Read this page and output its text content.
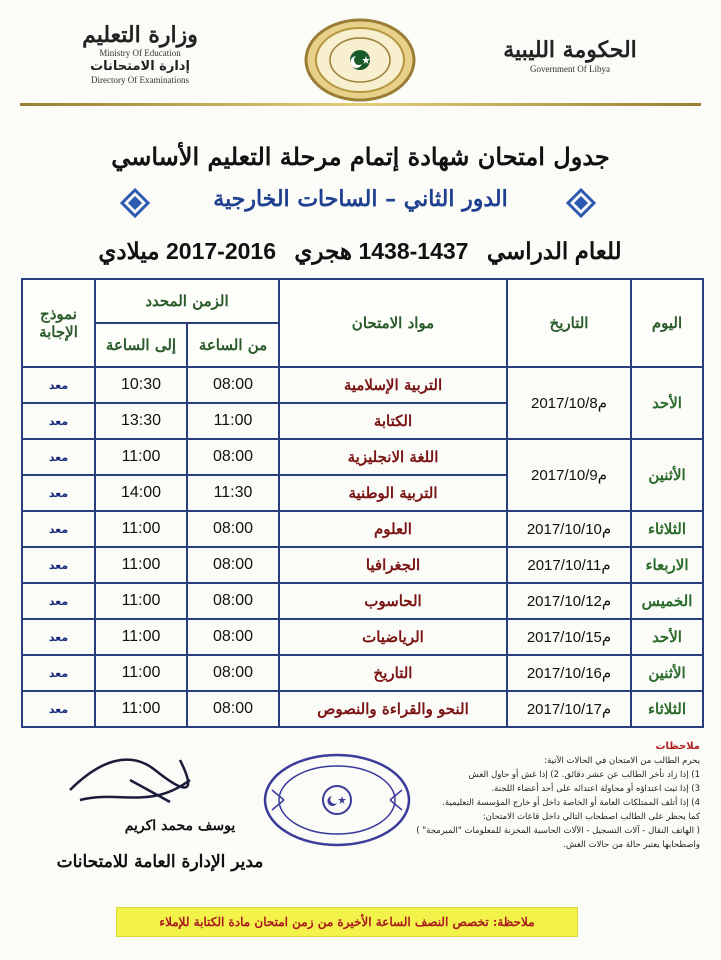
وزارة التعليم
Ministry Of Education
إدارة الامتحانات
Directory Of Examinations
الحكومة الليبية
Government Of Libya
جدول امتحان شهادة إتمام مرحلة التعليم الأساسي
الدور الثاني – الساحات الخارجية
للعام الدراسي 1437-1438 هجري 2016-2017 ميلادي
اليوم	التاريخ	مواد الامتحان	الزمن المحدد		نموذج الإجابة
			من الساعة	إلى الساعة	
الأحد	2017/10/8م	التربية الإسلامية	08:00	10:30	معد
		الكتابة	11:00	13:30	معد
الأثنين	2017/10/9م	اللغة الانجليزية	08:00	11:00	معد
		التربية الوطنية	11:30	14:00	معد
الثلاثاء	2017/10/10م	العلوم	08:00	11:00	معد
الاربعاء	2017/10/11م	الجغرافيا	08:00	11:00	معد
الخميس	2017/10/12م	الحاسوب	08:00	11:00	معد
الأحد	2017/10/15م	الرياضيات	08:00	11:00	معد
الأثنين	2017/10/16م	التاريخ	08:00	11:00	معد
الثلاثاء	2017/10/17م	النحو والقراءة والنصوص	08:00	11:00	معد

ملاحظات

يحرم الطالب من الامتحان في الحالات الآتية:

1) إذا زاد تأخر الطالب عن عشر دقائق. 2) إذا غش أو حاول الغش

3) إذا ثبت اعتداؤه أو محاولة اعتدائه على أحد أعضاء اللجنة.

4) إذا أتلف الممتلكات العامة أو الخاصة داخل أو خارج المؤسسة التعليمية.

كما يحظر على الطالب اصطحاب التالي داخل قاعات الامتحان:

( الهاتف النقال - آلات التسجيل - الآلات الحاسبة المخزنة للمعلومات "المبرمجة" )

واصطحابها يعتبر حالة من حالات الغش.

يوسف محمد اكريم
مدير الإدارة العامة للامتحانات
ملاحظة: تخصص النصف الساعة الأخيرة من زمن امتحان مادة الكتابة للإملاء
